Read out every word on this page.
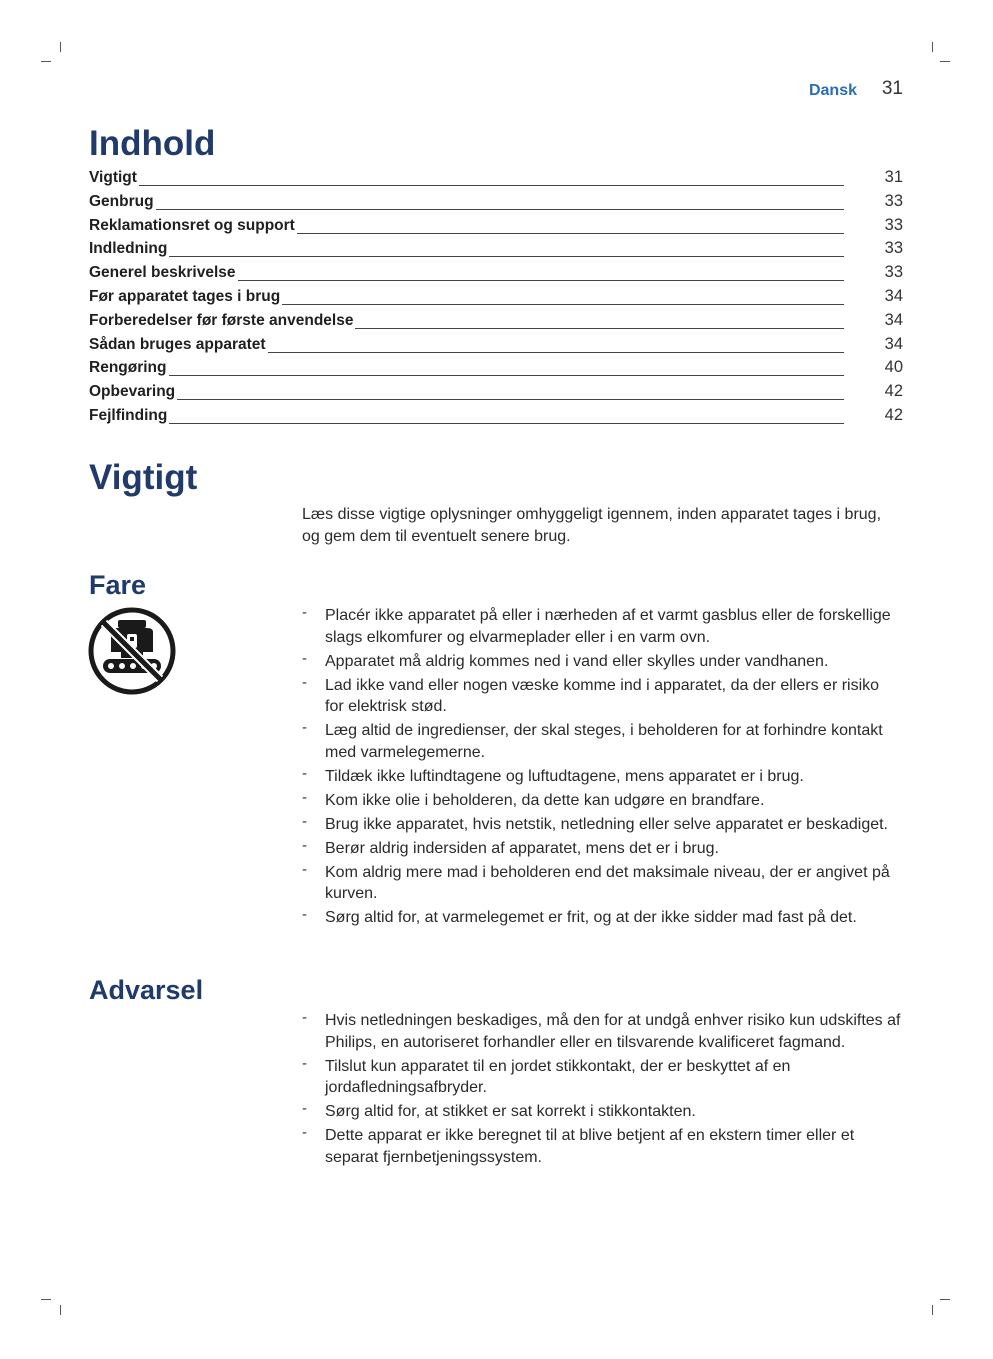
Dansk	31
Indhold
Vigtigt	31
Genbrug	33
Reklamationsret og support	33
Indledning	33
Generel beskrivelse	33
Før apparatet tages i brug	34
Forberedelser før første anvendelse	34
Sådan bruges apparatet	34
Rengøring	40
Opbevaring	42
Fejlfinding	42
Vigtigt
Læs disse vigtige oplysninger omhyggeligt igennem, inden apparatet tages i brug, og gem dem til eventuelt senere brug.
Fare
- Placér ikke apparatet på eller i nærheden af et varmt gasblus eller de forskellige slags elkomfurer og elvarmeplader eller i en varm ovn.
- Apparatet må aldrig kommes ned i vand eller skylles under vandhanen.
- Lad ikke vand eller nogen væske komme ind i apparatet, da der ellers er risiko for elektrisk stød.
- Læg altid de ingredienser, der skal steges, i beholderen for at forhindre kontakt med varmelegemerne.
- Tildæk ikke luftindtagene og luftudtagene, mens apparatet er i brug.
- Kom ikke olie i beholderen, da dette kan udgøre en brandfare.
- Brug ikke apparatet, hvis netstik, netledning eller selve apparatet er beskadiget.
- Berør aldrig indersiden af apparatet, mens det er i brug.
- Kom aldrig mere mad i beholderen end det maksimale niveau, der er angivet på kurven.
- Sørg altid for, at varmelegemet er frit, og at der ikke sidder mad fast på det.
Advarsel
- Hvis netledningen beskadiges, må den for at undgå enhver risiko kun udskiftes af Philips, en autoriseret forhandler eller en tilsvarende kvalificeret fagmand.
- Tilslut kun apparatet til en jordet stikkontakt, der er beskyttet af en jordafledningsafbryder.
- Sørg altid for, at stikket er sat korrekt i stikkontakten.
- Dette apparat er ikke beregnet til at blive betjent af en ekstern timer eller et separat fjernbetjeningssystem.
